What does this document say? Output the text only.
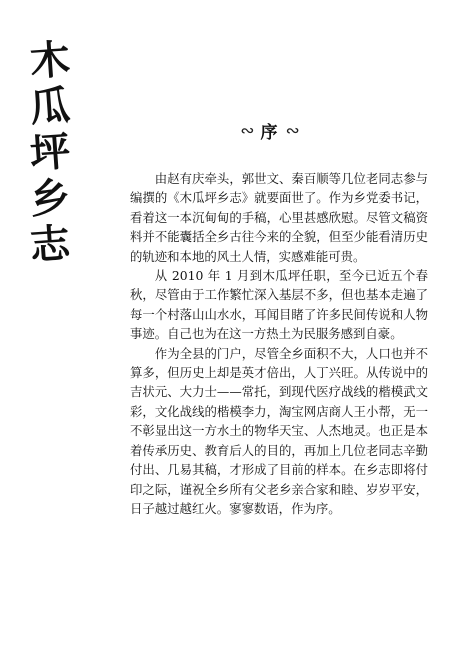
木
瓜
坪
乡
志
∾ 序 ∾

由赵有庆牵头，郭世文、秦百顺等几位老同志参与编撰的《木瓜坪乡志》就要面世了。作为乡党委书记，看着这一本沉甸甸的手稿，心里甚感欣慰。尽管文稿资料并不能囊括全乡古往今来的全貌，但至少能看清历史的轨迹和本地的风土人情，实感难能可贵。

从 2010 年 1 月到木瓜坪任职，至今已近五个春秋，尽管由于工作繁忙深入基层不多，但也基本走遍了每一个村落山山水水，耳闻目睹了许多民间传说和人物事迹。自己也为在这一方热土为民服务感到自豪。

作为全县的门户，尽管全乡面积不大，人口也并不算多，但历史上却是英才倍出，人丁兴旺。从传说中的吉状元、大力士——常托，到现代医疗战线的楷模武文彩，文化战线的楷模李力，淘宝网店商人王小帮，无一不彰显出这一方水土的物华天宝、人杰地灵。也正是本着传承历史、教育后人的目的，再加上几位老同志辛勤付出、几易其稿，才形成了目前的样本。在乡志即将付印之际，谨祝全乡所有父老乡亲合家和睦、岁岁平安，日子越过越红火。寥寥数语，作为序。
